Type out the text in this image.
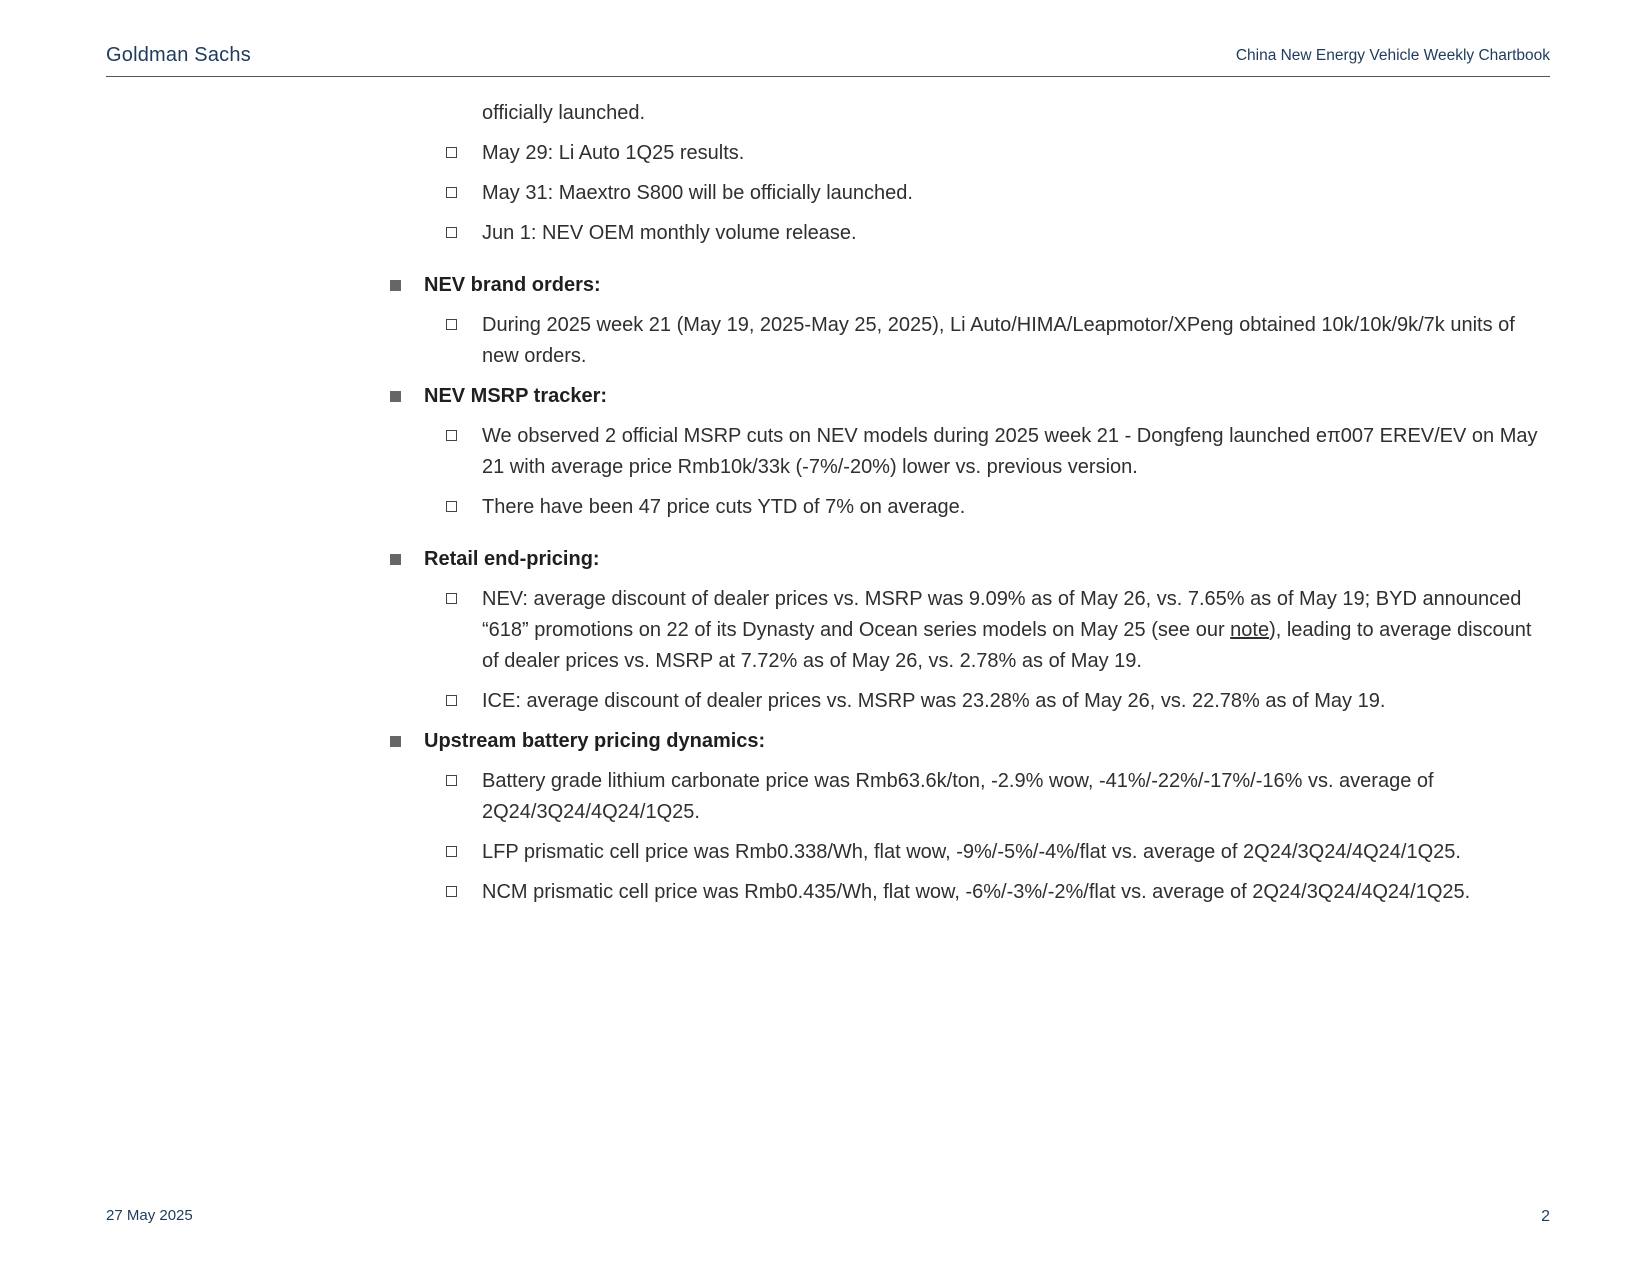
Goldman Sachs	China New Energy Vehicle Weekly Chartbook
officially launched.
May 29: Li Auto 1Q25 results.
May 31: Maextro S800 will be officially launched.
Jun 1: NEV OEM monthly volume release.
NEV brand orders:
During 2025 week 21 (May 19, 2025-May 25, 2025), Li Auto/HIMA/Leapmotor/XPeng obtained 10k/10k/9k/7k units of new orders.
NEV MSRP tracker:
We observed 2 official MSRP cuts on NEV models during 2025 week 21 - Dongfeng launched eπ007 EREV/EV on May 21 with average price Rmb10k/33k (-7%/-20%) lower vs. previous version.
There have been 47 price cuts YTD of 7% on average.
Retail end-pricing:
NEV: average discount of dealer prices vs. MSRP was 9.09% as of May 26, vs. 7.65% as of May 19; BYD announced “618” promotions on 22 of its Dynasty and Ocean series models on May 25 (see our note), leading to average discount of dealer prices vs. MSRP at 7.72% as of May 26, vs. 2.78% as of May 19.
ICE: average discount of dealer prices vs. MSRP was 23.28% as of May 26, vs. 22.78% as of May 19.
Upstream battery pricing dynamics:
Battery grade lithium carbonate price was Rmb63.6k/ton, -2.9% wow, -41%/-22%/-17%/-16% vs. average of 2Q24/3Q24/4Q24/1Q25.
LFP prismatic cell price was Rmb0.338/Wh, flat wow, -9%/-5%/-4%/flat vs. average of 2Q24/3Q24/4Q24/1Q25.
NCM prismatic cell price was Rmb0.435/Wh, flat wow, -6%/-3%/-2%/flat vs. average of 2Q24/3Q24/4Q24/1Q25.
27 May 2025	2
